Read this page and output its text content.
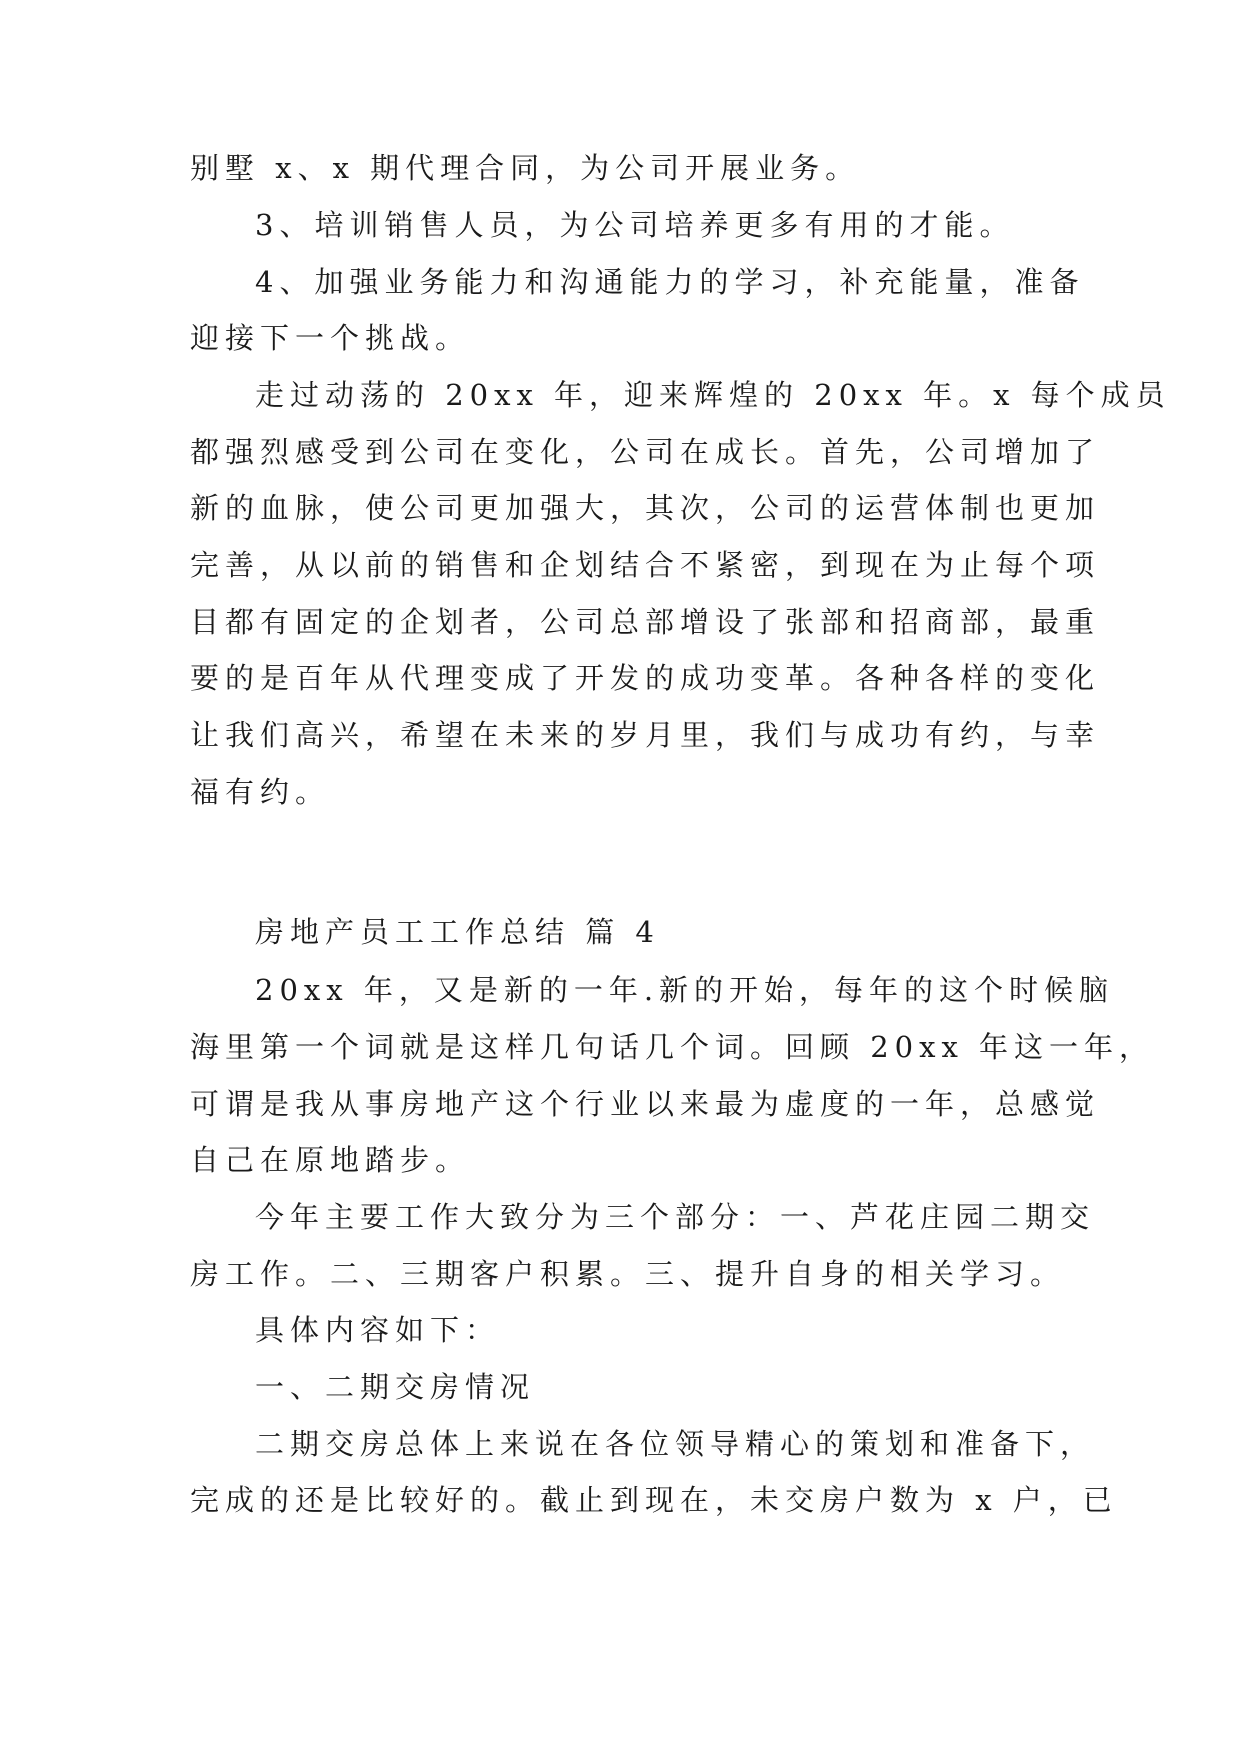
别墅 x、x 期代理合同，为公司开展业务。
3、培训销售人员，为公司培养更多有用的才能。
4、加强业务能力和沟通能力的学习，补充能量，准备
迎接下一个挑战。
走过动荡的 20xx 年，迎来辉煌的 20xx 年。x 每个成员
都强烈感受到公司在变化，公司在成长。首先，公司增加了
新的血脉，使公司更加强大，其次，公司的运营体制也更加
完善，从以前的销售和企划结合不紧密，到现在为止每个项
目都有固定的企划者，公司总部增设了张部和招商部，最重
要的是百年从代理变成了开发的成功变革。各种各样的变化
让我们高兴，希望在未来的岁月里，我们与成功有约，与幸
福有约。
房地产员工工作总结 篇 4
20xx 年，又是新的一年.新的开始，每年的这个时候脑
海里第一个词就是这样几句话几个词。回顾 20xx 年这一年，
可谓是我从事房地产这个行业以来最为虚度的一年，总感觉
自己在原地踏步。
今年主要工作大致分为三个部分：一、芦花庄园二期交
房工作。二、三期客户积累。三、提升自身的相关学习。
具体内容如下：
一、二期交房情况
二期交房总体上来说在各位领导精心的策划和准备下，
完成的还是比较好的。截止到现在，未交房户数为 x 户，已
